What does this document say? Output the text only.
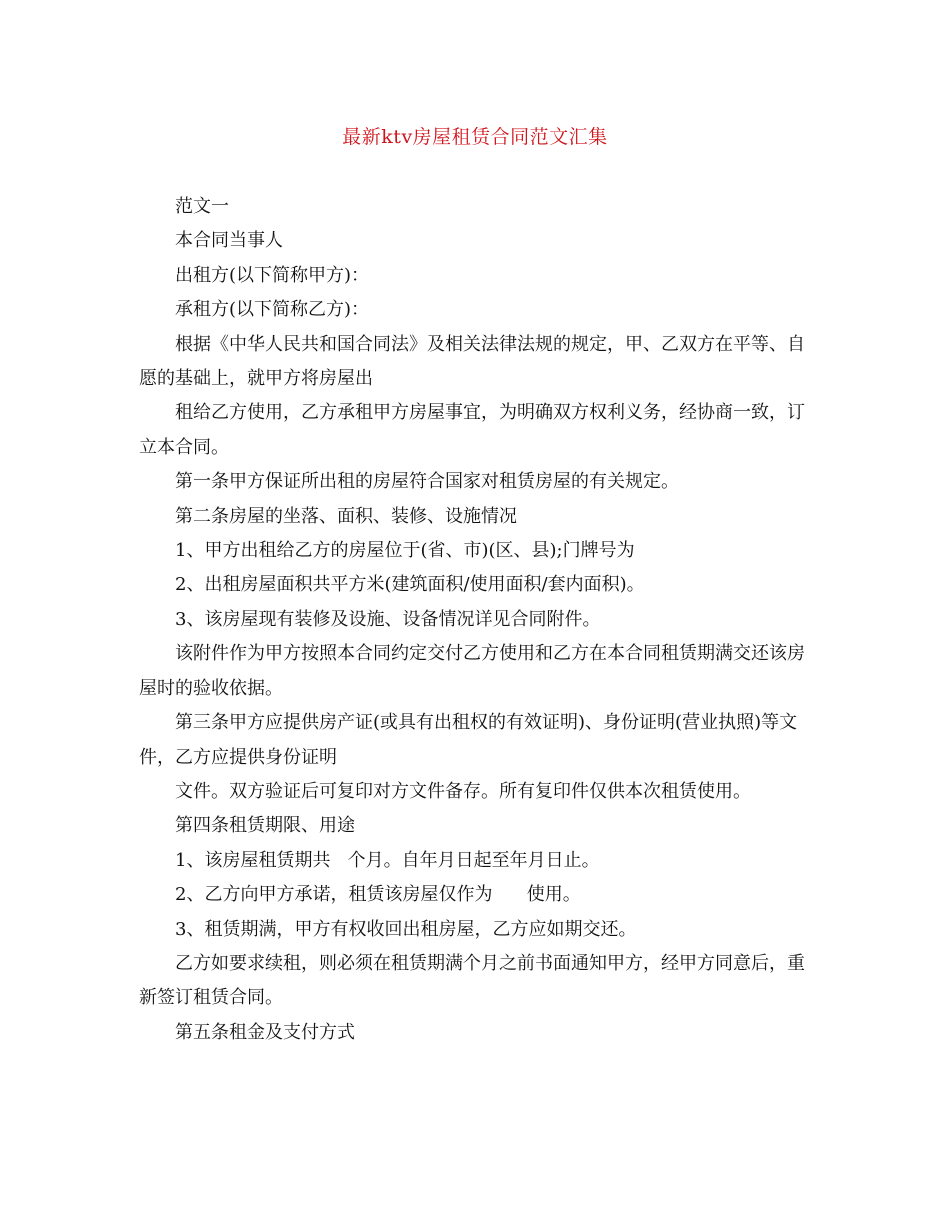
最新ktv房屋租赁合同范文汇集

范文一

本合同当事人

出租方(以下简称甲方)：

承租方(以下简称乙方)：

根据《中华人民共和国合同法》及相关法律法规的规定，甲、乙双方在平等、自愿的基础上，就甲方将房屋出

租给乙方使用，乙方承租甲方房屋事宜，为明确双方权利义务，经协商一致，订立本合同。

第一条甲方保证所出租的房屋符合国家对租赁房屋的有关规定。

第二条房屋的坐落、面积、装修、设施情况

1、甲方出租给乙方的房屋位于(省、市)(区、县);门牌号为

2、出租房屋面积共平方米(建筑面积/使用面积/套内面积)。

3、该房屋现有装修及设施、设备情况详见合同附件。

该附件作为甲方按照本合同约定交付乙方使用和乙方在本合同租赁期满交还该房屋时的验收依据。

第三条甲方应提供房产证(或具有出租权的有效证明)、身份证明(营业执照)等文件，乙方应提供身份证明

文件。双方验证后可复印对方文件备存。所有复印件仅供本次租赁使用。

第四条租赁期限、用途

1、该房屋租赁期共   个月。自年月日起至年月日止。

2、乙方向甲方承诺，租赁该房屋仅作为      使用。

3、租赁期满，甲方有权收回出租房屋，乙方应如期交还。

乙方如要求续租，则必须在租赁期满个月之前书面通知甲方，经甲方同意后，重新签订租赁合同。

第五条租金及支付方式
